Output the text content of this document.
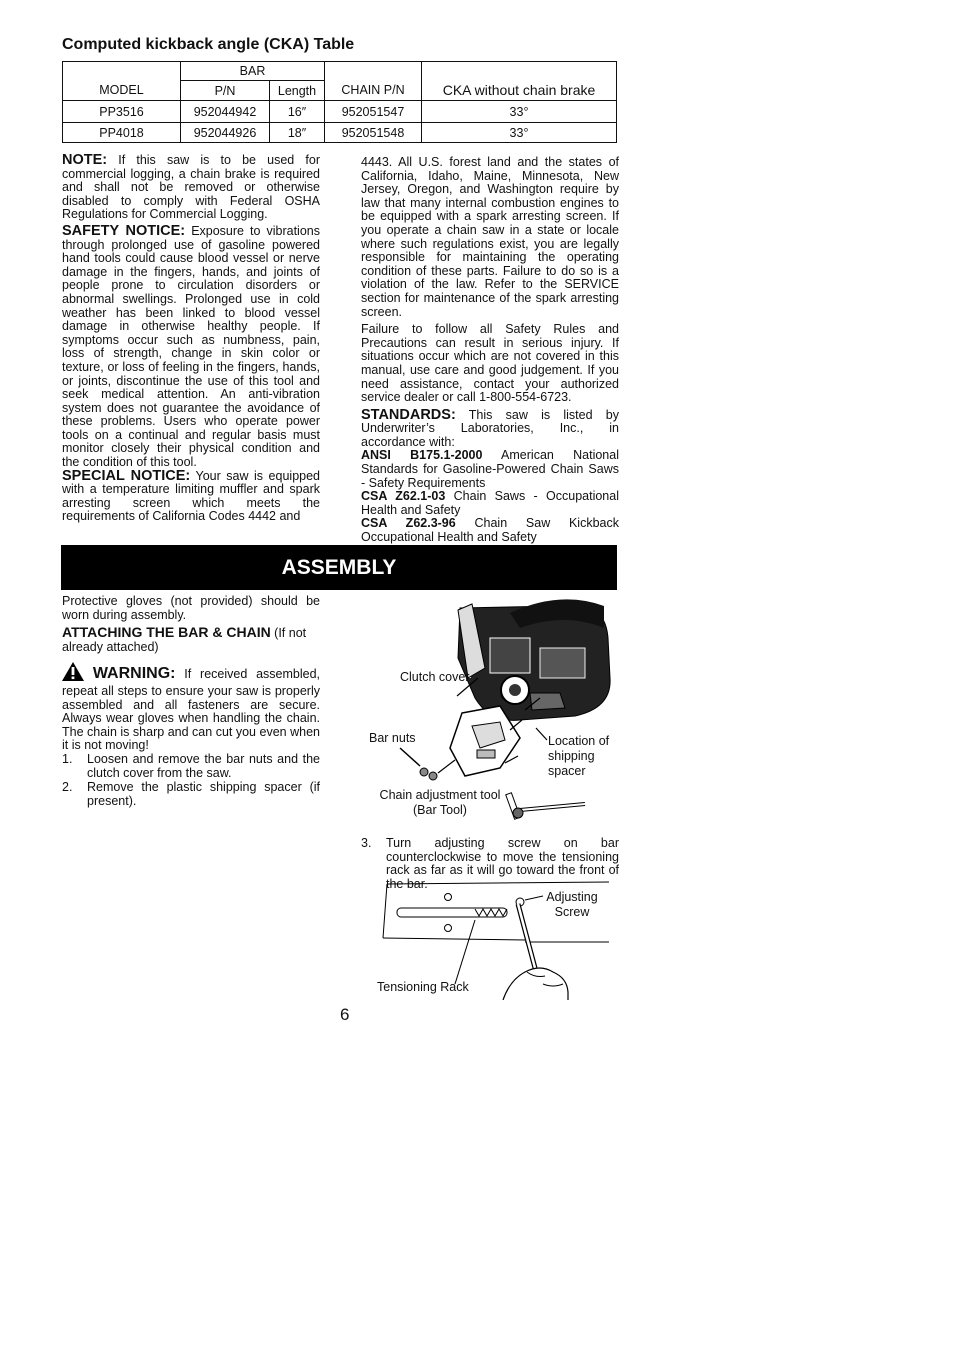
Computed kickback angle (CKA) Table
MODEL	BAR		CHAIN P/N	CKA without chain brake
	P/N	Length		
PP3516	952044942	16″	952051547	33°
PP4018	952044926	18″	952051548	33°
NOTE: If this saw is to be used for commercial logging, a chain brake is required and shall not be removed or otherwise disabled to comply with Federal OSHA Regulations for Commercial Logging.
SAFETY NOTICE: Exposure to vibrations through prolonged use of gasoline powered hand tools could cause blood vessel or nerve damage in the fingers, hands, and joints of people prone to circulation disorders or abnormal swellings. Prolonged use in cold weather has been linked to blood vessel damage in otherwise healthy people. If symptoms occur such as numbness, pain, loss of strength, change in skin color or texture, or loss of feeling in the fingers, hands, or joints, discontinue the use of this tool and seek medical attention. An anti-vibration system does not guarantee the avoidance of these problems. Users who operate power tools on a continual and regular basis must monitor closely their physical condition and the condition of this tool.
SPECIAL NOTICE: Your saw is equipped with a temperature limiting muffler and spark arresting screen which meets the requirements of California Codes 4442 and
4443. All U.S. forest land and the states of California, Idaho, Maine, Minnesota, New Jersey, Oregon, and Washington require by law that many internal combustion engines to be equipped with a spark arresting screen. If you operate a chain saw in a state or locale where such regulations exist, you are legally responsible for maintaining the operating condition of these parts. Failure to do so is a violation of the law. Refer to the SERVICE section for maintenance of the spark arresting screen.
Failure to follow all Safety Rules and Precautions can result in serious injury. If situations occur which are not covered in this manual, use care and good judgement. If you need assistance, contact your authorized service dealer or call 1-800-554-6723.
STANDARDS: This saw is listed by Underwriter’s Laboratories, Inc., in accordance with:
ANSI B175.1-2000 American National Standards for Gasoline-Powered Chain Saws - Safety Requirements
CSA Z62.1-03 Chain Saws - Occupational Health and Safety
CSA Z62.3-96 Chain Saw Kickback Occupational Health and Safety
ASSEMBLY
Protective gloves (not provided) should be worn during assembly.
ATTACHING THE BAR & CHAIN (If not already attached)
WARNING: If received assembled, repeat all steps to ensure your saw is properly assembled and all fasteners are secure. Always wear gloves when handling the chain. The chain is sharp and can cut you even when it is not moving!
1. Loosen and remove the bar nuts and the clutch cover from the saw.
2. Remove the plastic shipping spacer (if present).
Clutch cover
Bar nuts	Location of shipping spacer
Chain adjustment tool
(Bar Tool)
3. Turn adjusting screw on bar counterclockwise to move the tensioning rack as far as it will go toward the front of the bar.
Adjusting Screw
Tensioning Rack
6
